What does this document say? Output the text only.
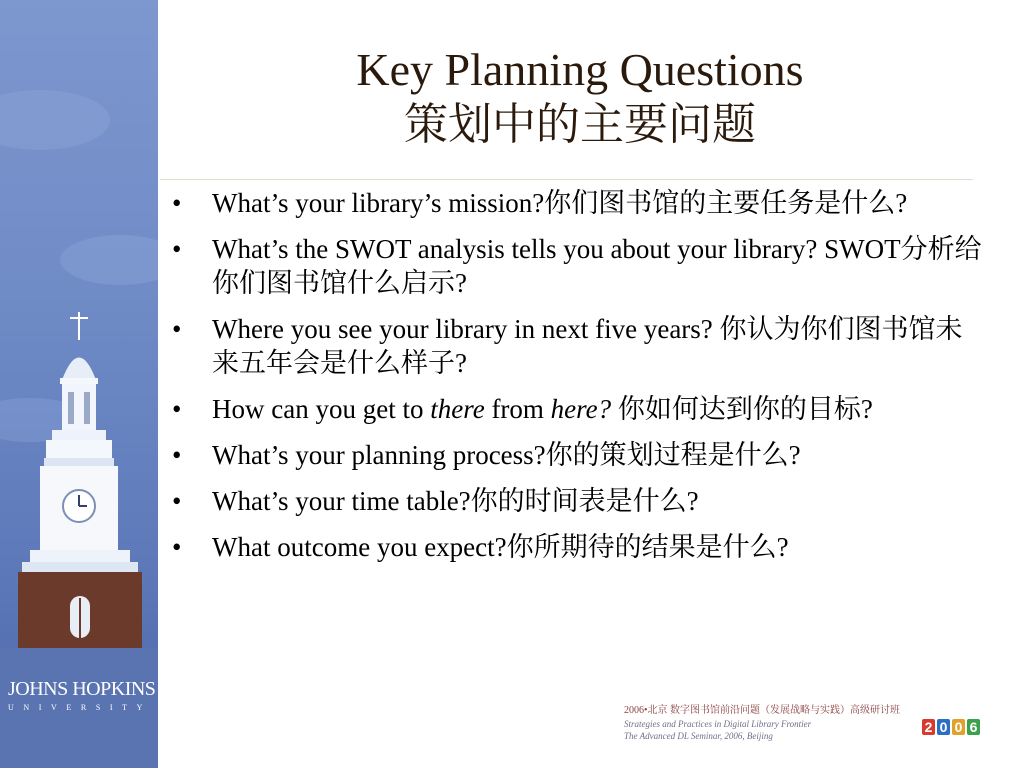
JOHNS HOPKINS
UNIVERSITY
Key Planning Questions
策划中的主要问题
•	What’s your library’s mission?你们图书馆的主要任务是什么?
•	What’s the SWOT analysis tells you about your library? SWOT分析给你们图书馆什么启示?
•	Where you see your library in next five years? 你认为你们图书馆未来五年会是什么样子?
•	How can you get to there from here? 你如何达到你的目标?
•	What’s your planning process?你的策划过程是什么?
•	What’s your time table?你的时间表是什么?
•	What outcome you expect?你所期待的结果是什么?
2006•北京 数字图书馆前沿问题（发展战略与实践）高级研讨班
Strategies and Practices in Digital Library Frontier
The Advanced DL Seminar, 2006, Beijing
2 0 0 6
